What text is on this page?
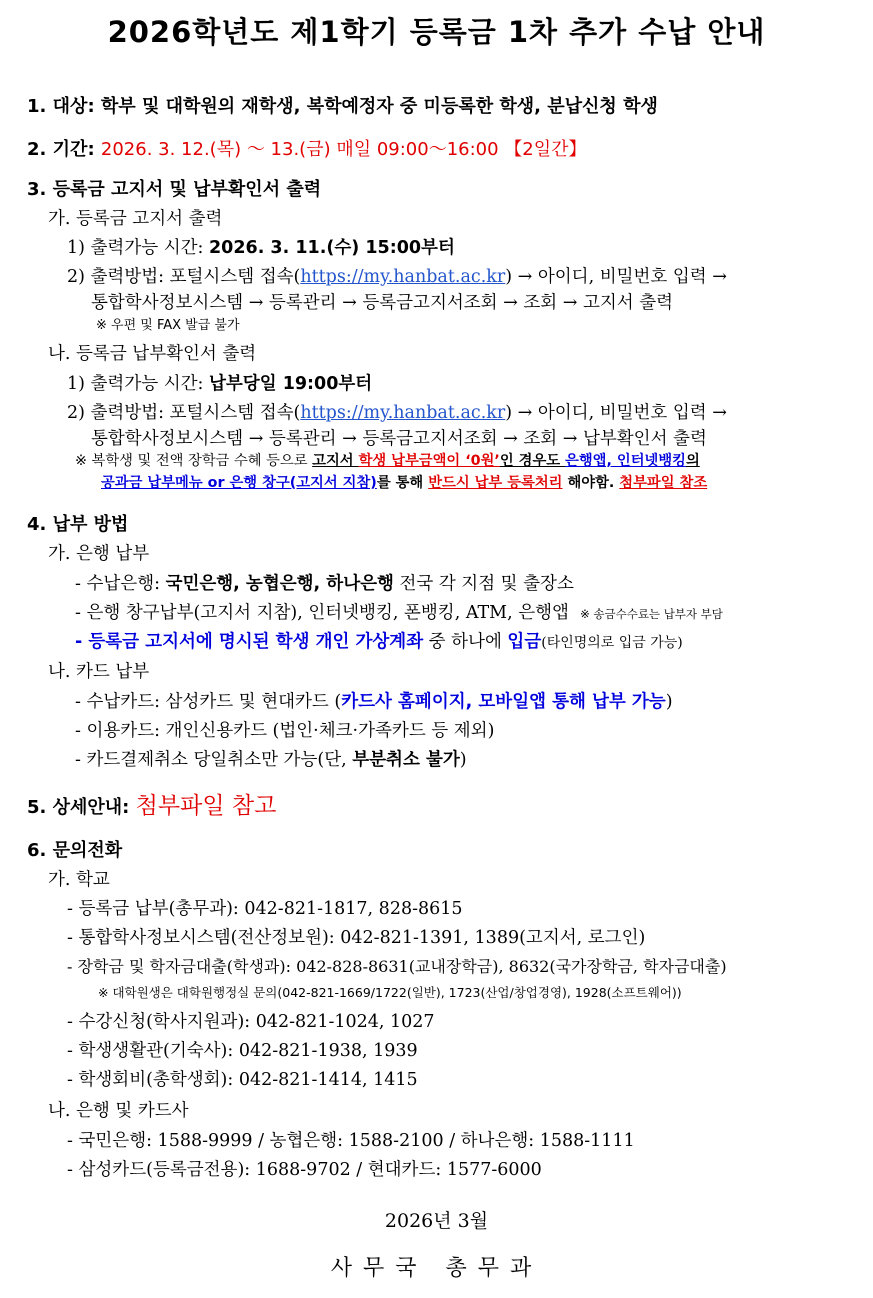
2026학년도 제1학기 등록금 1차 추가 수납 안내
1. 대상: 학부 및 대학원의 재학생, 복학예정자 중 미등록한 학생, 분납신청 학생
2. 기간: 2026. 3. 12.(목) ～ 13.(금) 매일 09:00～16:00 【2일간】
3. 등록금 고지서 및 납부확인서 출력
가. 등록금 고지서 출력
1) 출력가능 시간: 2026. 3. 11.(수) 15:00부터
2) 출력방법: 포털시스템 접속(https://my.hanbat.ac.kr) → 아이디, 비밀번호 입력 →
통합학사정보시스템 → 등록관리 → 등록금고지서조회 → 조회 → 고지서 출력
※ 우편 및 FAX 발급 불가
나. 등록금 납부확인서 출력
1) 출력가능 시간: 납부당일 19:00부터
2) 출력방법: 포털시스템 접속(https://my.hanbat.ac.kr) → 아이디, 비밀번호 입력 →
통합학사정보시스템 → 등록관리 → 등록금고지서조회 → 조회 → 납부확인서 출력
※ 복학생 및 전액 장학금 수혜 등으로 고지서 학생 납부금액이 ‘0원’인 경우도 은행앱, 인터넷뱅킹의
공과금 납부메뉴 or 은행 창구(고지서 지참)를 통해 반드시 납부 등록처리 해야함. 첨부파일 참조
4. 납부 방법
가. 은행 납부
- 수납은행: 국민은행, 농협은행, 하나은행 전국 각 지점 및 출장소
- 은행 창구납부(고지서 지참), 인터넷뱅킹, 폰뱅킹, ATM, 은행앱 ※ 송금수수료는 납부자 부담
- 등록금 고지서에 명시된 학생 개인 가상계좌 중 하나에 입금(타인명의로 입금 가능)
나. 카드 납부
- 수납카드: 삼성카드 및 현대카드 (카드사 홈페이지, 모바일앱 통해 납부 가능)
- 이용카드: 개인신용카드 (법인·체크·가족카드 등 제외)
- 카드결제취소 당일취소만 가능(단, 부분취소 불가)
5. 상세안내: 첨부파일 참고
6. 문의전화
가. 학교
- 등록금 납부(총무과): 042-821-1817, 828-8615
- 통합학사정보시스템(전산정보원): 042-821-1391, 1389(고지서, 로그인)
- 장학금 및 학자금대출(학생과): 042-828-8631(교내장학금), 8632(국가장학금, 학자금대출)
※ 대학원생은 대학원행정실 문의(042-821-1669/1722(일반), 1723(산업/창업경영), 1928(소프트웨어))
- 수강신청(학사지원과): 042-821-1024, 1027
- 학생생활관(기숙사): 042-821-1938, 1939
- 학생회비(총학생회): 042-821-1414, 1415
나. 은행 및 카드사
- 국민은행: 1588-9999 / 농협은행: 1588-2100 / 하나은행: 1588-1111
- 삼성카드(등록금전용): 1688-9702 / 현대카드: 1577-6000
2026년 3월
사무국 총무과
